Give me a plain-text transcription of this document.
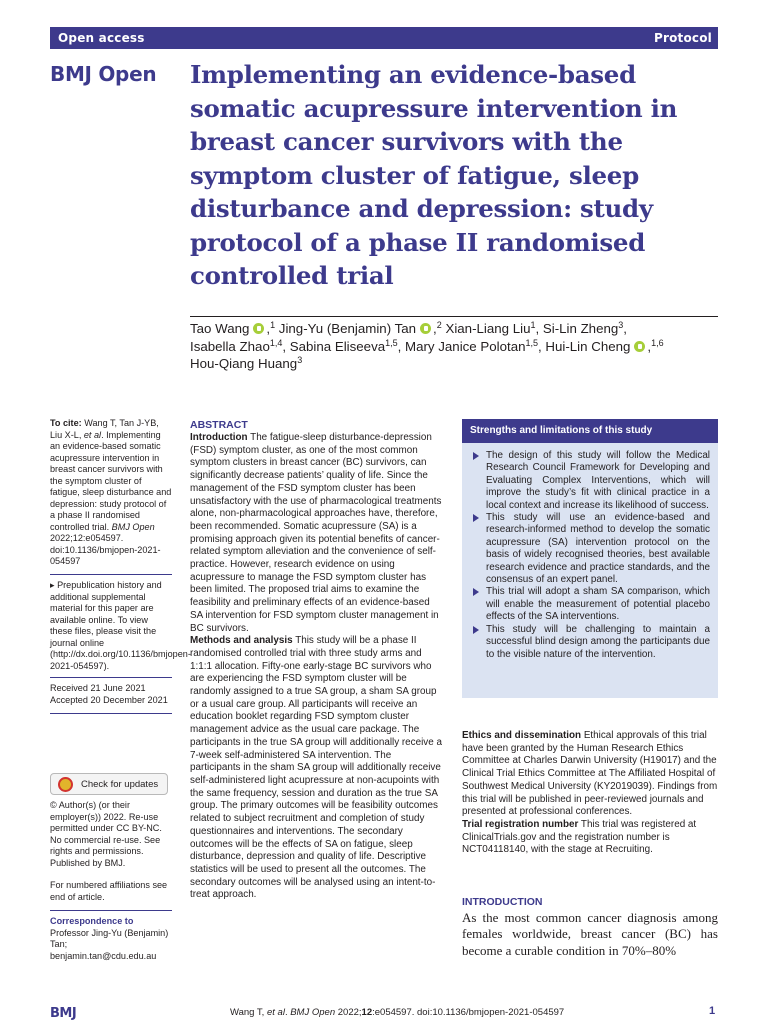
Open access	Protocol
BMJ Open Implementing an evidence-based somatic acupressure intervention in breast cancer survivors with the symptom cluster of fatigue, sleep disturbance and depression: study protocol of a phase II randomised controlled trial
Tao Wang ,$^1$ Jing-Yu (Benjamin) Tan ,$^2$ Xian-Liang Liu$^1$, Si-Lin Zheng$^3$,
Isabella Zhao$^{1,4}$, Sabina Eliseeva$^{1,5}$, Mary Janice Polotan$^{1,5}$, Hui-Lin Cheng ,$^{1,6}$
Hou-Qiang Huang$^3$
To cite: Wang T, Tan J-YB, Liu X-L, et al. Implementing an evidence-based somatic acupressure intervention in breast cancer survivors with the symptom cluster of fatigue, sleep disturbance and depression: study protocol of a phase II randomised controlled trial. BMJ Open 2022;12:e054597. doi:10.1136/bmjopen-2021-054597
▸ Prepublication history and additional supplemental material for this paper are available online. To view these files, please visit the journal online (http://dx.doi.org/10.1136/bmjopen-2021-054597).
Received 21 June 2021
Accepted 20 December 2021
Check for updates
© Author(s) (or their employer(s)) 2022. Re-use permitted under CC BY-NC. No commercial re-use. See rights and permissions. Published by BMJ.
For numbered affiliations see end of article.
Correspondence to
Professor Jing-Yu (Benjamin) Tan; benjamin.tan@cdu.edu.au
ABSTRACT
Introduction The fatigue-sleep disturbance-depression (FSD) symptom cluster, as one of the most common symptom clusters in breast cancer (BC) survivors, can significantly decrease patients’ quality of life. Since the management of the FSD symptom cluster has been unsatisfactory with the use of pharmacological treatments alone, non-pharmacological approaches have, therefore, been recommended. Somatic acupressure (SA) is a promising approach given its potential benefits of cancer-related symptom alleviation and the convenience of self-practice. However, research evidence on using acupressure to manage the FSD symptom cluster has been limited. The proposed trial aims to examine the feasibility and preliminary effects of an evidence-based SA intervention for FSD symptom cluster management in BC survivors.
Methods and analysis This study will be a phase II randomised controlled trial with three study arms and 1:1:1 allocation. Fifty-one early-stage BC survivors who are experiencing the FSD symptom cluster will be randomly assigned to a true SA group, a sham SA group or a usual care group. All participants will receive an education booklet regarding FSD symptom cluster management advice as the usual care package. The participants in the true SA group will additionally receive a 7-week self-administered SA intervention. The participants in the sham SA group will additionally receive self-administered light acupressure at non-acupoints with the same frequency, session and duration as the true SA group. The primary outcomes will be feasibility outcomes related to subject recruitment and completion of study questionnaires and interventions. The secondary outcomes will be the effects of SA on fatigue, sleep disturbance, depression and quality of life. Descriptive statistics will be used to present all the outcomes. The secondary outcomes will be analysed using an intent-to-treat approach.
Strengths and limitations of this study
The design of this study will follow the Medical Research Council Framework for Developing and Evaluating Complex Interventions, which will improve the study’s fit with clinical practice in a local context and increase its likelihood of success.
This study will use an evidence-based and research-informed method to develop the somatic acupressure (SA) intervention protocol on the basis of widely recognised theories, best available research evidence and practice standards, and the consensus of an expert panel.
This trial will adopt a sham SA comparison, which will enable the measurement of potential placebo effects of the SA interventions.
This study will be challenging to maintain a successful blind design among the participants due to the visible nature of the intervention.
Ethics and dissemination Ethical approvals of this trial have been granted by the Human Research Ethics Committee at Charles Darwin University (H19017) and the Clinical Trial Ethics Committee at The Affiliated Hospital of Southwest Medical University (KY2019039). Findings from this trial will be published in peer-reviewed journals and presented at professional conferences.
Trial registration number This trial was registered at ClinicalTrials.gov and the registration number is NCT04118140, with the stage at Recruiting.
INTRODUCTION
As the most common cancer diagnosis among females worldwide, breast cancer (BC) has become a curable condition in 70%–80%
BMJ	Wang T, et al. BMJ Open 2022;12:e054597. doi:10.1136/bmjopen-2021-054597	1
